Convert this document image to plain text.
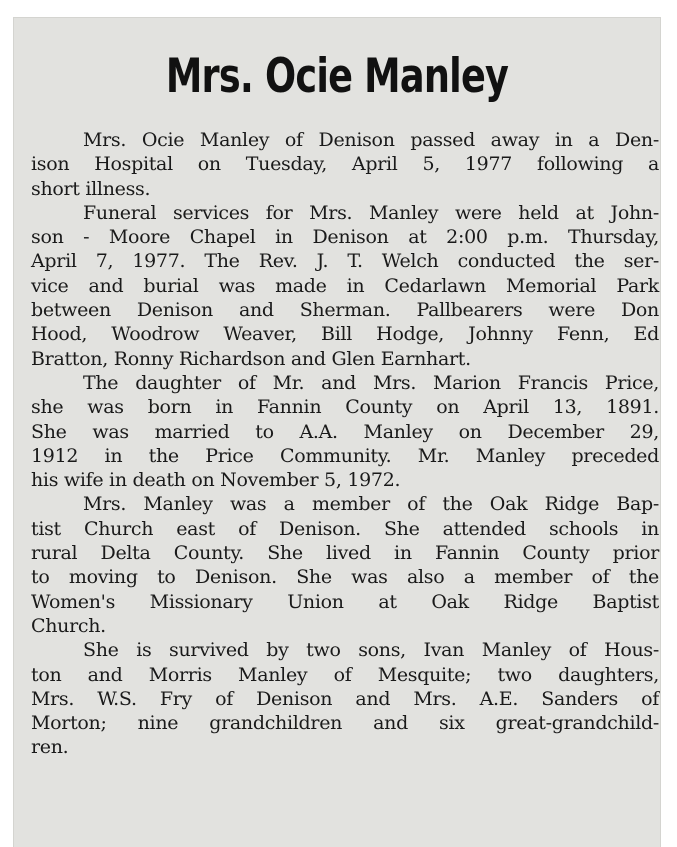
Mrs. Ocie Manley

Mrs. Ocie Manley of Denison passed away in a Den-
ison Hospital on Tuesday, April 5, 1977 following a
short illness.

Funeral services for Mrs. Manley were held at John-
son - Moore Chapel in Denison at 2:00 p.m. Thursday,
April 7, 1977. The Rev. J. T. Welch conducted the ser-
vice and burial was made in Cedarlawn Memorial Park
between Denison and Sherman. Pallbearers were Don
Hood, Woodrow Weaver, Bill Hodge, Johnny Fenn, Ed
Bratton, Ronny Richardson and Glen Earnhart.

The daughter of Mr. and Mrs. Marion Francis Price,
she was born in Fannin County on April 13, 1891.
She was married to A.A. Manley on December 29,
1912 in the Price Community. Mr. Manley preceded
his wife in death on November 5, 1972.

Mrs. Manley was a member of the Oak Ridge Bap-
tist Church east of Denison. She attended schools in
rural Delta County. She lived in Fannin County prior
to moving to Denison. She was also a member of the
Women's Missionary Union at Oak Ridge Baptist
Church.

She is survived by two sons, Ivan Manley of Hous-
ton and Morris Manley of Mesquite; two daughters,
Mrs. W.S. Fry of Denison and Mrs. A.E. Sanders of
Morton; nine grandchildren and six great-grandchild-
ren.
